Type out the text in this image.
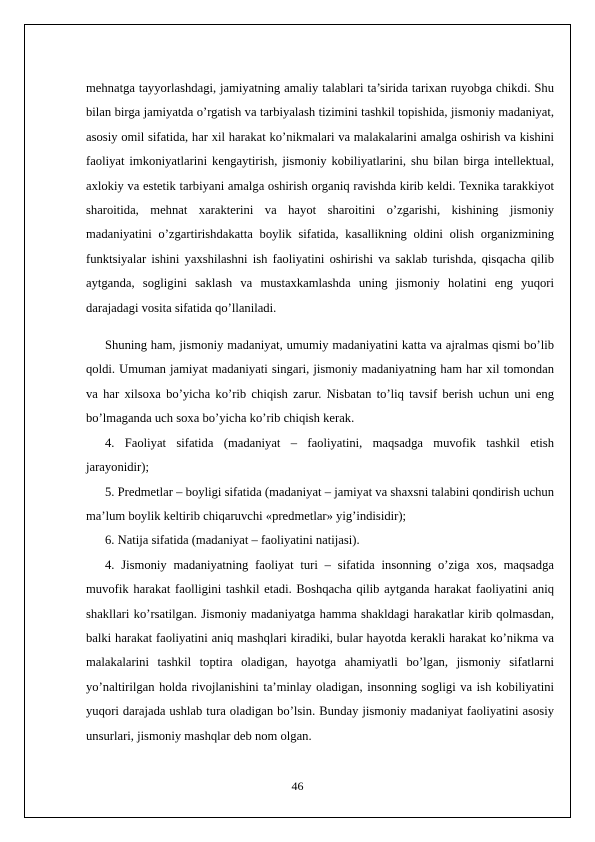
mehnatga tayyorlashdagi, jamiyatning amaliy talablari ta’sirida tarixan ruyobga chikdi. Shu bilan birga jamiyatda o’rgatish va tarbiyalash tizimini tashkil topishida, jismoniy madaniyat, asosiy omil sifatida, har xil harakat ko’nikmalari va malakalarini amalga oshirish va kishini faoliyat imkoniyatlarini kengaytirish, jismoniy kobiliyatlarini, shu bilan birga intellektual, axlokiy va estetik tarbiyani amalga oshirish organiq ravishda kirib keldi. Texnika tarakkiyot sharoitida, mehnat xarakterini va hayot sharoitini o’zgarishi, kishining jismoniy madaniyatini o’zgartirishdakatta boylik sifatida, kasallikning oldini olish organizmining funktsiyalar ishini yaxshilashni ish faoliyatini oshirishi va saklab turishda, qisqacha qilib aytganda, sogligini saklash va mustaxkamlashda uning jismoniy holatini eng yuqori darajadagi vosita sifatida qo’llaniladi.

Shuning ham, jismoniy madaniyat, umumiy madaniyatini katta va ajralmas qismi bo’lib qoldi. Umuman jamiyat madaniyati singari, jismoniy madaniyatning ham har xil tomondan va har xilsoxa bo’yicha ko’rib chiqish zarur. Nisbatan to’liq tavsif berish uchun uni eng bo’lmaganda uch soxa bo’yicha ko’rib chiqish kerak.

4. Faoliyat sifatida (madaniyat – faoliyatini, maqsadga muvofik tashkil etish jarayonidir);

5. Predmetlar – boyligi sifatida (madaniyat – jamiyat va shaxsni talabini qondirish uchun ma’lum boylik keltirib chiqaruvchi «predmetlar» yig’indisidir);

6. Natija sifatida (madaniyat – faoliyatini natijasi).

4. Jismoniy madaniyatning faoliyat turi – sifatida insonning o’ziga xos, maqsadga muvofik harakat faolligini tashkil etadi. Boshqacha qilib aytganda harakat faoliyatini aniq shakllari ko’rsatilgan. Jismoniy madaniyatga hamma shakldagi harakatlar kirib qolmasdan, balki harakat faoliyatini aniq mashqlari kiradiki, bular hayotda kerakli harakat ko’nikma va malakalarini tashkil toptira oladigan, hayotga ahamiyatli bo’lgan, jismoniy sifatlarni yo’naltirilgan holda rivojlanishini ta’minlay oladigan, insonning sogligi va ish kobiliyatini yuqori darajada ushlab tura oladigan bo’lsin. Bunday jismoniy madaniyat faoliyatini asosiy unsurlari, jismoniy mashqlar deb nom olgan.

46
